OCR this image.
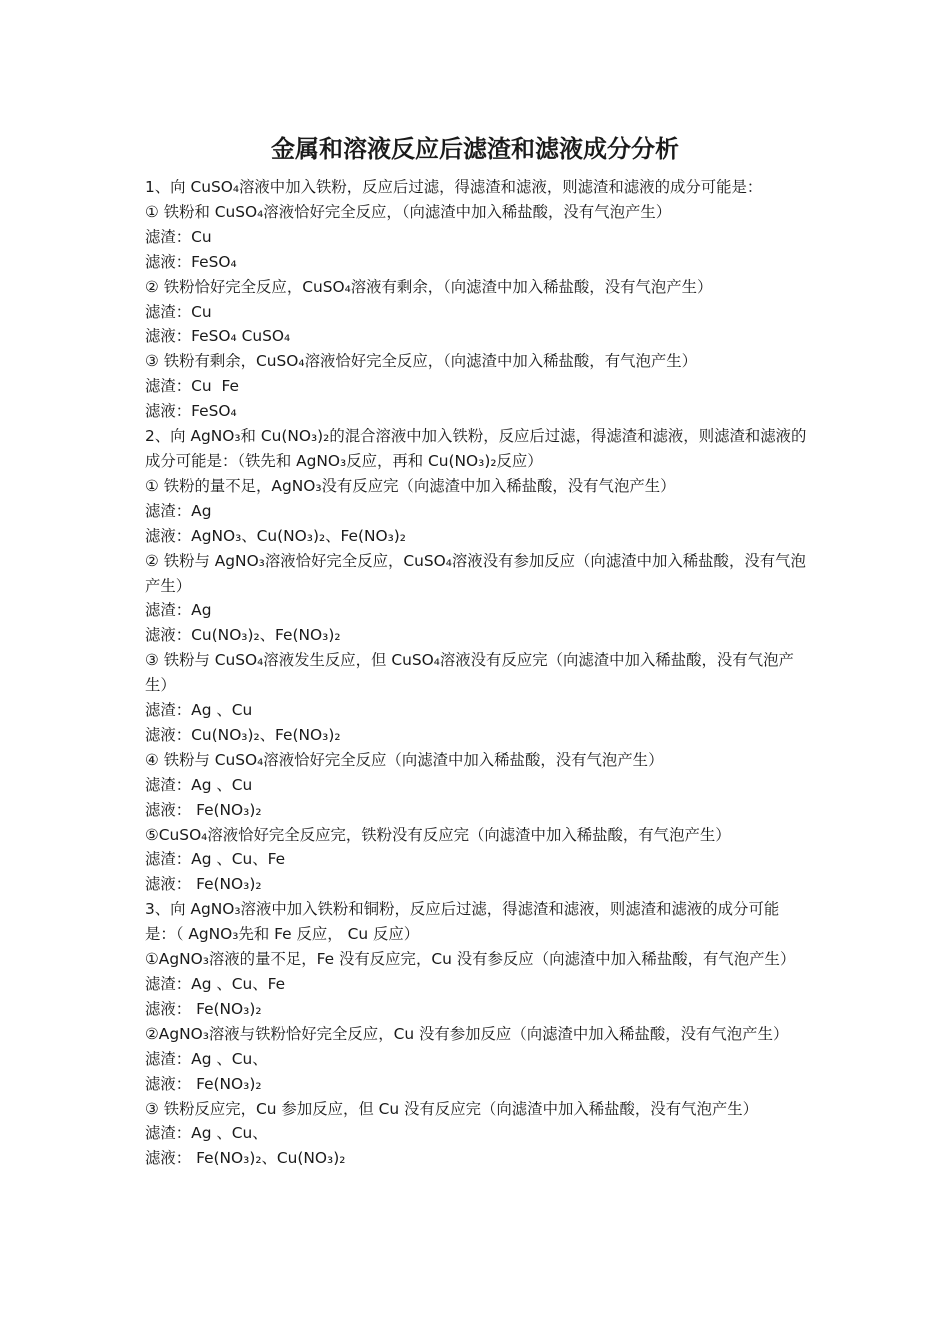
金属和溶液反应后滤渣和滤液成分分析

1、向 CuSO₄溶液中加入铁粉，反应后过滤，得滤渣和滤液，则滤渣和滤液的成分可能是：

① 铁粉和 CuSO₄溶液恰好完全反应，（向滤渣中加入稀盐酸，没有气泡产生）

滤渣：Cu

滤液：FeSO₄

② 铁粉恰好完全反应，CuSO₄溶液有剩余，（向滤渣中加入稀盐酸，没有气泡产生）

滤渣：Cu

滤液：FeSO₄ CuSO₄

③ 铁粉有剩余，CuSO₄溶液恰好完全反应，（向滤渣中加入稀盐酸，有气泡产生）

滤渣：Cu  Fe

滤液：FeSO₄

2、向 AgNO₃和 Cu(NO₃)₂的混合溶液中加入铁粉，反应后过滤，得滤渣和滤液，则滤渣和滤液的成分可能是：（铁先和 AgNO₃反应，再和 Cu(NO₃)₂反应）

① 铁粉的量不足，AgNO₃没有反应完（向滤渣中加入稀盐酸，没有气泡产生）

滤渣：Ag

滤液：AgNO₃、Cu(NO₃)₂、Fe(NO₃)₂

② 铁粉与 AgNO₃溶液恰好完全反应，CuSO₄溶液没有参加反应（向滤渣中加入稀盐酸，没有气泡产生）

滤渣：Ag

滤液：Cu(NO₃)₂、Fe(NO₃)₂

③ 铁粉与 CuSO₄溶液发生反应，但 CuSO₄溶液没有反应完（向滤渣中加入稀盐酸，没有气泡产生）

滤渣：Ag 、Cu

滤液：Cu(NO₃)₂、Fe(NO₃)₂

④ 铁粉与 CuSO₄溶液恰好完全反应（向滤渣中加入稀盐酸，没有气泡产生）

滤渣：Ag 、Cu

滤液： Fe(NO₃)₂

⑤CuSO₄溶液恰好完全反应完，铁粉没有反应完（向滤渣中加入稀盐酸，有气泡产生）

滤渣：Ag 、Cu、Fe

滤液： Fe(NO₃)₂

3、向 AgNO₃溶液中加入铁粉和铜粉，反应后过滤，得滤渣和滤液，则滤渣和滤液的成分可能是：（ AgNO₃先和 Fe 反应， Cu 反应）

①AgNO₃溶液的量不足，Fe 没有反应完，Cu 没有参反应（向滤渣中加入稀盐酸，有气泡产生）

滤渣：Ag 、Cu、Fe

滤液： Fe(NO₃)₂

②AgNO₃溶液与铁粉恰好完全反应，Cu 没有参加反应（向滤渣中加入稀盐酸，没有气泡产生）

滤渣：Ag 、Cu、

滤液： Fe(NO₃)₂

③ 铁粉反应完，Cu 参加反应，但 Cu 没有反应完（向滤渣中加入稀盐酸，没有气泡产生）

滤渣：Ag 、Cu、

滤液： Fe(NO₃)₂、Cu(NO₃)₂
